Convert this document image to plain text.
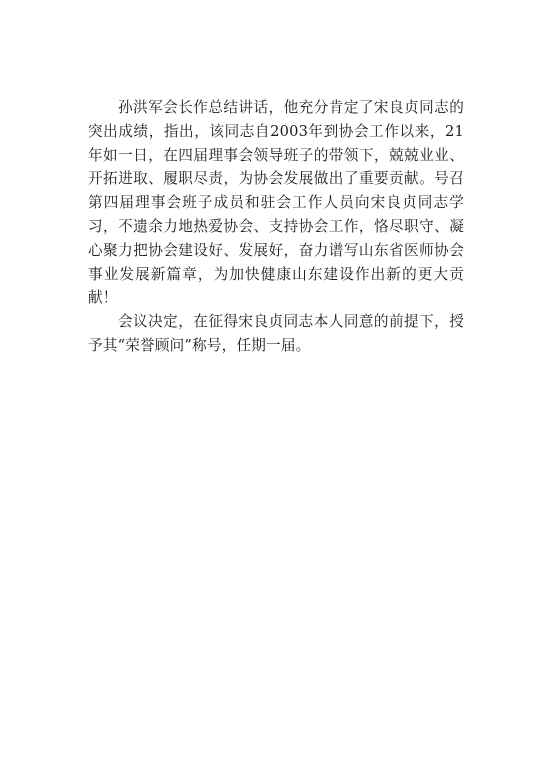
孙洪军会长作总结讲话，他充分肯定了宋良贞同志的突出成绩，指出，该同志自2003年到协会工作以来，21年如一日，在四届理事会领导班子的带领下，兢兢业业、开拓进取、履职尽责，为协会发展做出了重要贡献。号召第四届理事会班子成员和驻会工作人员向宋良贞同志学习，不遗余力地热爱协会、支持协会工作，恪尽职守、凝心聚力把协会建设好、发展好，奋力谱写山东省医师协会事业发展新篇章，为加快健康山东建设作出新的更大贡献！

会议决定，在征得宋良贞同志本人同意的前提下，授予其“荣誉顾问”称号，任期一届。
